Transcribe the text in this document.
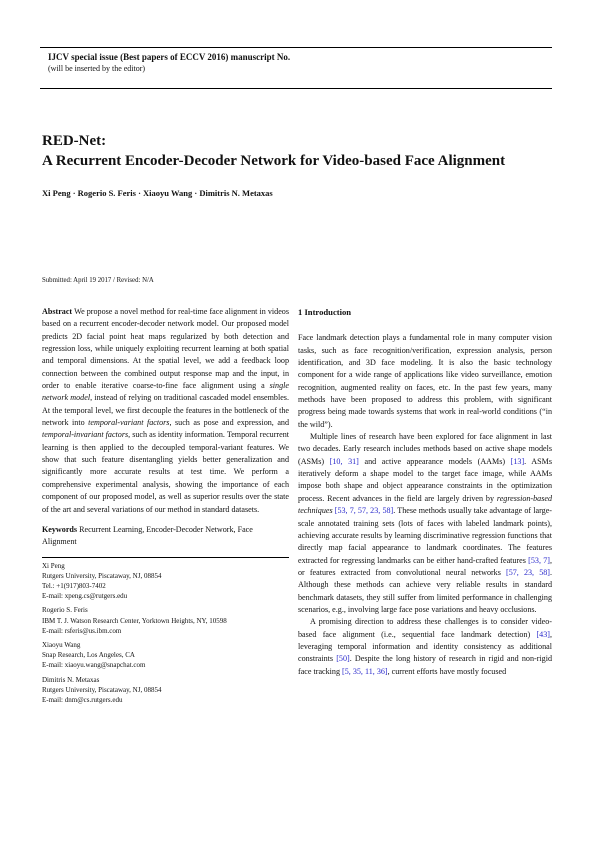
IJCV special issue (Best papers of ECCV 2016) manuscript No.
(will be inserted by the editor)
RED-Net:
A Recurrent Encoder-Decoder Network for Video-based Face Alignment
Xi Peng · Rogerio S. Feris · Xiaoyu Wang · Dimitris N. Metaxas
Submitted: April 19 2017 / Revised: N/A

Abstract We propose a novel method for real-time face alignment in videos based on a recurrent encoder-decoder network model. Our proposed model predicts 2D facial point heat maps regularized by both detection and regression loss, while uniquely exploiting recurrent learning at both spatial and temporal dimensions. At the spatial level, we add a feedback loop connection between the combined output response map and the input, in order to enable iterative coarse-to-fine face alignment using a single network model, instead of relying on traditional cascaded model ensembles. At the temporal level, we first decouple the features in the bottleneck of the network into temporal-variant factors, such as pose and expression, and temporal-invariant factors, such as identity information. Temporal recurrent learning is then applied to the decoupled temporal-variant features. We show that such feature disentangling yields better generalization and significantly more accurate results at test time. We perform a comprehensive experimental analysis, showing the importance of each component of our proposed model, as well as superior results over the state of the art and several variations of our method in standard datasets.

Keywords Recurrent Learning, Encoder-Decoder Network, Face Alignment

Xi Peng
Rutgers University, Piscataway, NJ, 08854
Tel.: +1(917)803-7402
E-mail: xpeng.cs@rutgers.edu
Rogerio S. Feris
IBM T. J. Watson Research Center, Yorktown Heights, NY, 10598
E-mail: rsferis@us.ibm.com
Xiaoyu Wang
Snap Research, Los Angeles, CA
E-mail: xiaoyu.wang@snapchat.com
Dimitris N. Metaxas
Rutgers University, Piscataway, NJ, 08854
E-mail: dnm@cs.rutgers.edu
1 Introduction

Face landmark detection plays a fundamental role in many computer vision tasks, such as face recognition/verification, expression analysis, person identification, and 3D face modeling. It is also the basic technology component for a wide range of applications like video surveillance, emotion recognition, augmented reality on faces, etc. In the past few years, many methods have been proposed to address this problem, with significant progress being made towards systems that work in real-world conditions (“in the wild”).

Multiple lines of research have been explored for face alignment in last two decades. Early research includes methods based on active shape models (ASMs) [10, 31] and active appearance models (AAMs) [13]. ASMs iteratively deform a shape model to the target face image, while AAMs impose both shape and object appearance constraints in the optimization process. Recent advances in the field are largely driven by regression-based techniques [53, 7, 57, 23, 58]. These methods usually take advantage of large-scale annotated training sets (lots of faces with labeled landmark points), achieving accurate results by learning discriminative regression functions that directly map facial appearance to landmark coordinates. The features extracted for regressing landmarks can be either hand-crafted features [53, 7], or features extracted from convolutional neural networks [57, 23, 58]. Although these methods can achieve very reliable results in standard benchmark datasets, they still suffer from limited performance in challenging scenarios, e.g., involving large face pose variations and heavy occlusions.

A promising direction to address these challenges is to consider video-based face alignment (i.e., sequential face landmark detection) [43], leveraging temporal information and identity consistency as additional constraints [50]. Despite the long history of research in rigid and non-rigid face tracking [5, 35, 11, 36], current efforts have mostly focused
